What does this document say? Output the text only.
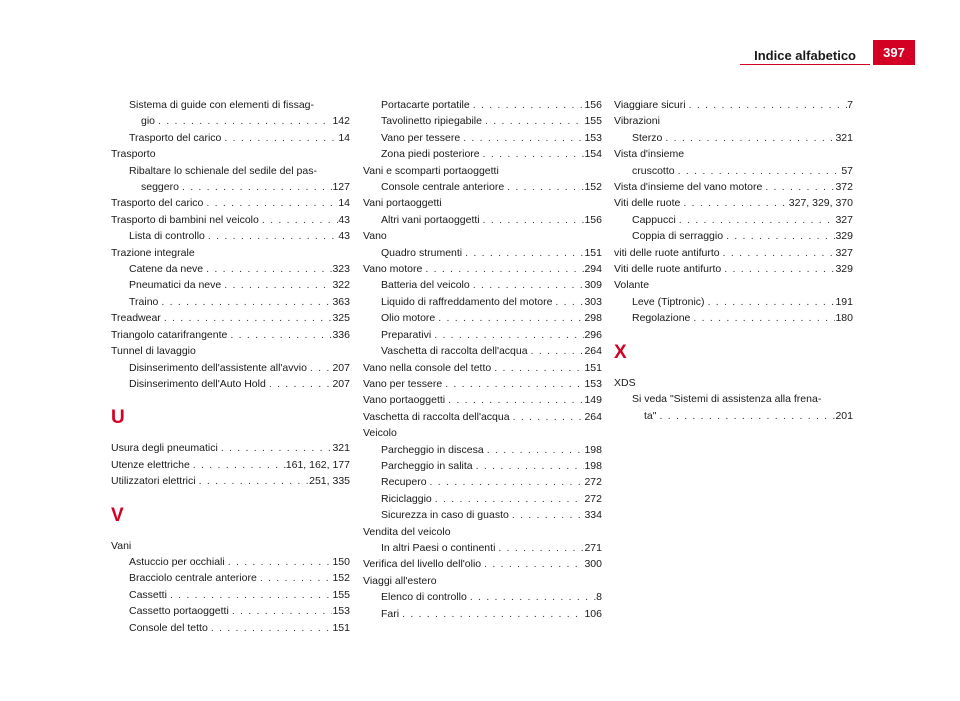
Indice alfabetico	397
Sistema di guide con elementi di fissag-
gio . . .	142
Trasporto del carico . . .	14
Trasporto
Ribaltare lo schienale del sedile del pas-
seggero . . .	127
Trasporto del carico . . .	14
Trasporto di bambini nel veicolo . . .	43
Lista di controllo . . .	43
Trazione integrale
Catene da neve . . .	323
Pneumatici da neve . . .	322
Traino . . .	363
Treadwear . . .	325
Triangolo catarifrangente . . .	336
Tunnel di lavaggio
Disinserimento dell'assistente all'avvio . . . 207
Disinserimento dell'Auto Hold . . .	207
U
Usura degli pneumatici . . .	321
Utenze elettriche . . .	161, 162, 177
Utilizzatori elettrici . . .	251, 335
V
Vani
Astuccio per occhiali . . .	150
Bracciolo centrale anteriore . . .	152
Cassetti . . .	155
Cassetto portaoggetti . . .	153
Console del tetto . . .	151
Portacarte portatile . . .	156
Tavolinetto ripiegabile . . .	155
Vano per tessere . . .	153
Zona piedi posteriore . . .	154
Vani e scomparti portaoggetti
Console centrale anteriore . . .	152
Vani portaoggetti
Altri vani portaoggetti . . .	156
Vano
Quadro strumenti . . .	151
Vano motore . . .	294
Batteria del veicolo . . .	309
Liquido di raffreddamento del motore . . .	303
Olio motore . . .	298
Preparativi . . .	296
Vaschetta di raccolta dell'acqua . . .	264
Vano nella console del tetto . . .	151
Vano per tessere . . .	153
Vano portaoggetti . . .	149
Vaschetta di raccolta dell'acqua . . .	264
Veicolo
Parcheggio in discesa . . .	198
Parcheggio in salita . . .	198
Recupero . . .	272
Riciclaggio . . .	272
Sicurezza in caso di guasto . . .	334
Vendita del veicolo
In altri Paesi o continenti . . .	271
Verifica del livello dell'olio . . .	300
Viaggi all'estero
Elenco di controllo . . .	8
Fari . . .	106
Viaggiare sicuri . . .	7
Vibrazioni
Sterzo . . .	321
Vista d'insieme
cruscotto . . .	57
Vista d'insieme del vano motore . . .	372
Viti delle ruote . . .	327, 329, 370
Cappucci . . .	327
Coppia di serraggio . . .	329
viti delle ruote antifurto . . .	327
Viti delle ruote antifurto . . .	329
Volante
Leve (Tiptronic) . . .	191
Regolazione . . .	180
X
XDS
Si veda "Sistemi di assistenza alla frena-
ta" . . .	201
